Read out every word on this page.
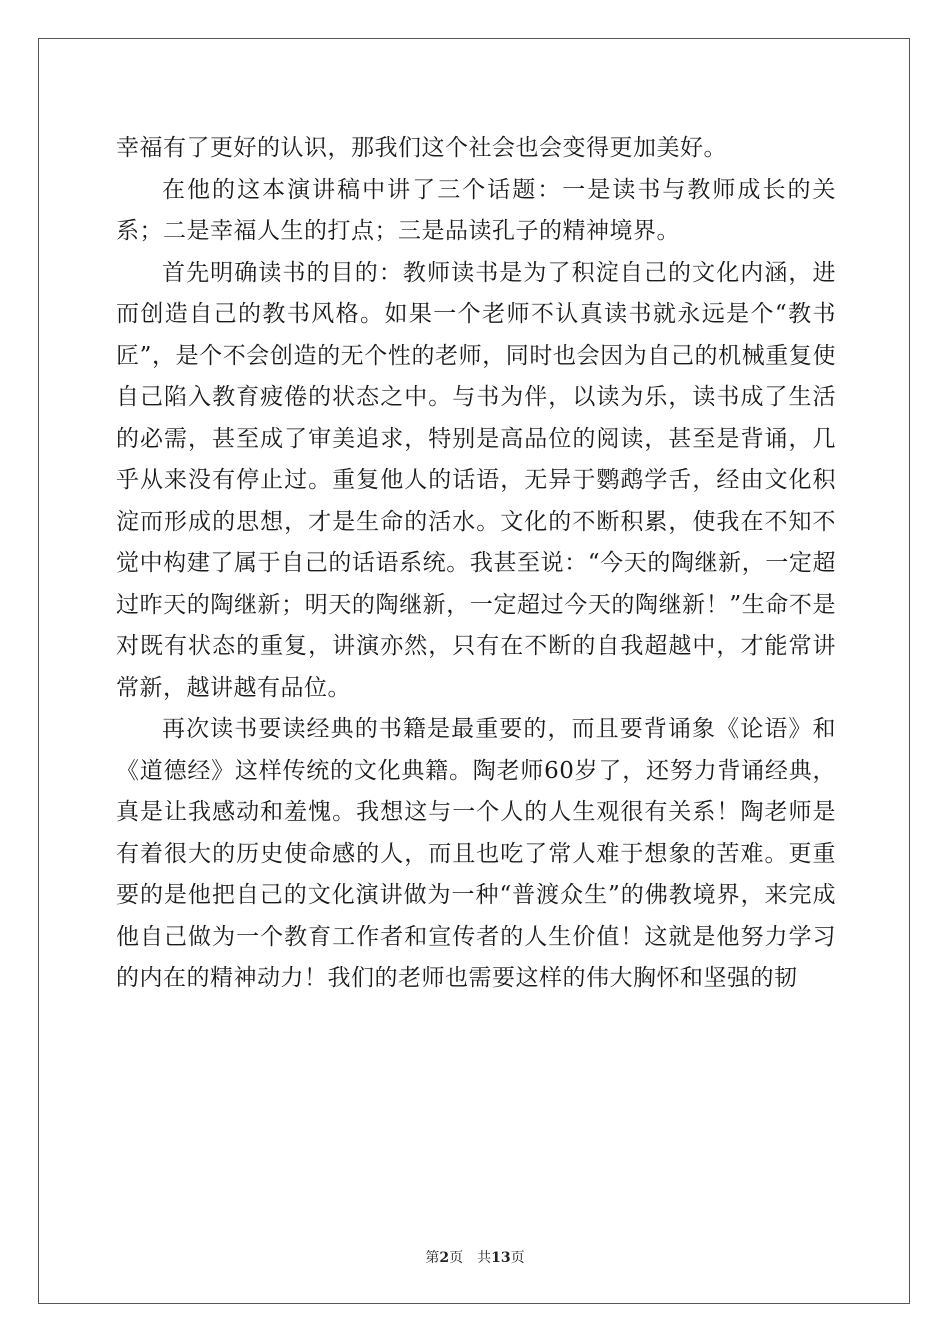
幸福有了更好的认识，那我们这个社会也会变得更加美好。

在他的这本演讲稿中讲了三个话题：一是读书与教师成长的关系；二是幸福人生的打点；三是品读孔子的精神境界。

首先明确读书的目的：教师读书是为了积淀自己的文化内涵，进而创造自己的教书风格。如果一个老师不认真读书就永远是个“教书匠”，是个不会创造的无个性的老师，同时也会因为自己的机械重复使自己陷入教育疲倦的状态之中。与书为伴，以读为乐，读书成了生活的必需，甚至成了审美追求，特别是高品位的阅读，甚至是背诵，几乎从来没有停止过。重复他人的话语，无异于鹦鹉学舌，经由文化积淀而形成的思想，才是生命的活水。文化的不断积累，使我在不知不觉中构建了属于自己的话语系统。我甚至说：“今天的陶继新，一定超过昨天的陶继新；明天的陶继新，一定超过今天的陶继新！”生命不是对既有状态的重复，讲演亦然，只有在不断的自我超越中，才能常讲常新，越讲越有品位。

再次读书要读经典的书籍是最重要的，而且要背诵象《论语》和《道德经》这样传统的文化典籍。陶老师60岁了，还努力背诵经典，真是让我感动和羞愧。我想这与一个人的人生观很有关系！陶老师是有着很大的历史使命感的人，而且也吃了常人难于想象的苦难。更重要的是他把自己的文化演讲做为一种“普渡众生”的佛教境界，来完成他自己做为一个教育工作者和宣传者的人生价值！这就是他努力学习的内在的精神动力！我们的老师也需要这样的伟大胸怀和坚强的韧

第2页 共13页
